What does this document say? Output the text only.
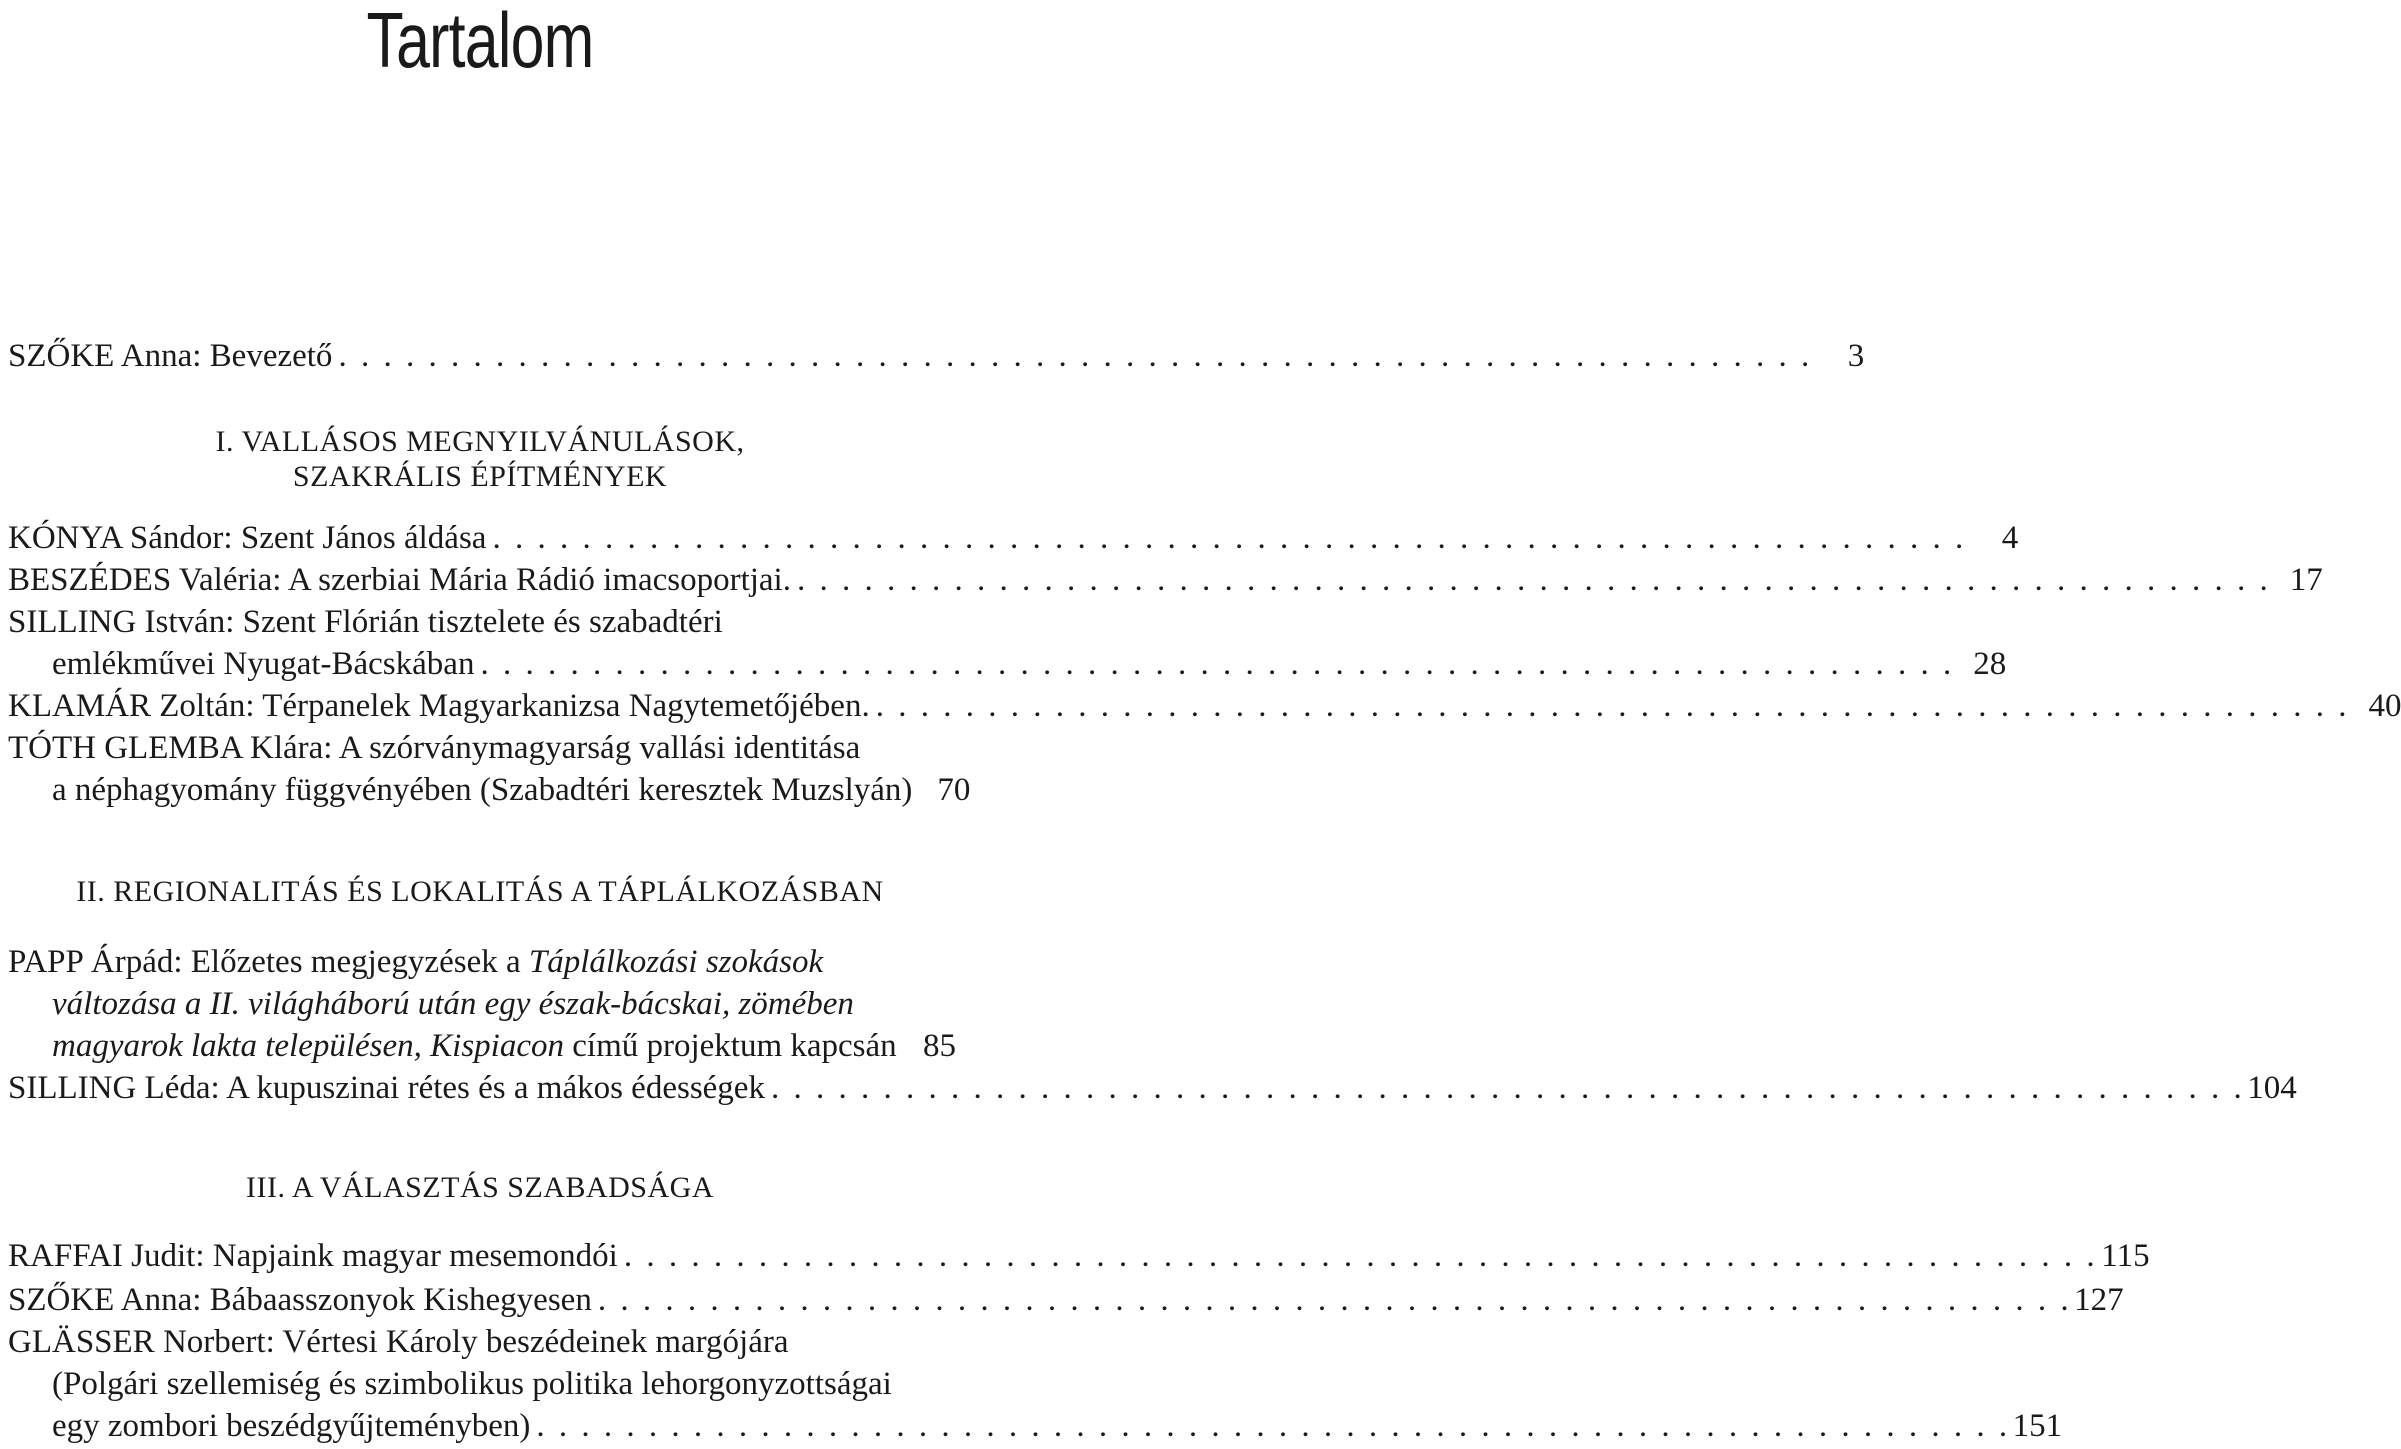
Tartalom
SZŐKE Anna: Bevezető . . . . . . . . . . . . . . . . . . . . . . . . . . . . . . . . . . . . . . . . . . . . . . . . . . . . . . . . . . . . . . . . . .	3
I. VALLÁSOS MEGNYILVÁNULÁSOK,
SZAKRÁLIS ÉPÍTMÉNYEK
KÓNYA Sándor: Szent János áldása . . . . . . . . . . . . . . . . . . . . . . . . . . . . . . . . . . . . . . . . . . . . . . . . . . . . . . . . . . . . . . . . . .	4
BESZÉDES Valéria: A szerbiai Mária Rádió imacsoportjai. . . . . . . . . . . . . . . . . . . . . . . . . . . . . . . . . . . . . . . . . . . . . . . . . . . . . . . . . . . . . . . . . . . 17
SILLING István: Szent Flórián tisztelete és szabadtéri
emlékművei Nyugat-Bácskában . . . . . . . . . . . . . . . . . . . . . . . . . . . . . . . . . . . . . . . . . . . . . . . . . . . . . . . . . . . . . . . . . . 28
KLAMÁR Zoltán: Térpanelek Magyarkanizsa Nagytemetőjében. . . . . . . . . . . . . . . . . . . . . . . . . . . . . . . . . . . . . . . . . . . . . . . . . . . . . . . . . . . . . . . . . . . 40
TÓTH GLEMBA Klára: A szórványmagyarság vallási identitása
a néphagyomány függvényében (Szabadtéri keresztek Muzslyán) 70
II. REGIONALITÁS ÉS LOKALITÁS A TÁPLÁLKOZÁSBAN
PAPP Árpád: Előzetes megjegyzések a Táplálkozási szokások
változása a II. világháború után egy észak-bácskai, zömében
magyarok lakta településen, Kispiacon című projektum kapcsán 85
SILLING Léda: A kupuszinai rétes és a mákos édességek . . . . . . . . . . . . . . . . . . . . . . . . . . . . . . . . . . . . . . . . . . . . . . . . . . . . . . . . . . . . . . . . . . 104
III. A VÁLASZTÁS SZABADSÁGA
RAFFAI Judit: Napjaink magyar mesemondói . . . . . . . . . . . . . . . . . . . . . . . . . . . . . . . . . . . . . . . . . . . . . . . . . . . . . . . . . . . . . . . . . . 115
SZŐKE Anna: Bábaasszonyok Kishegyesen . . . . . . . . . . . . . . . . . . . . . . . . . . . . . . . . . . . . . . . . . . . . . . . . . . . . . . . . . . . . . . . . . . 127
GLÄSSER Norbert: Vértesi Károly beszédeinek margójára
(Polgári szellemiség és szimbolikus politika lehorgonyzottságai
egy zombori beszédgyűjteményben) . . . . . . . . . . . . . . . . . . . . . . . . . . . . . . . . . . . . . . . . . . . . . . . . . . . . . . . . . . . . . . . . . . 151
